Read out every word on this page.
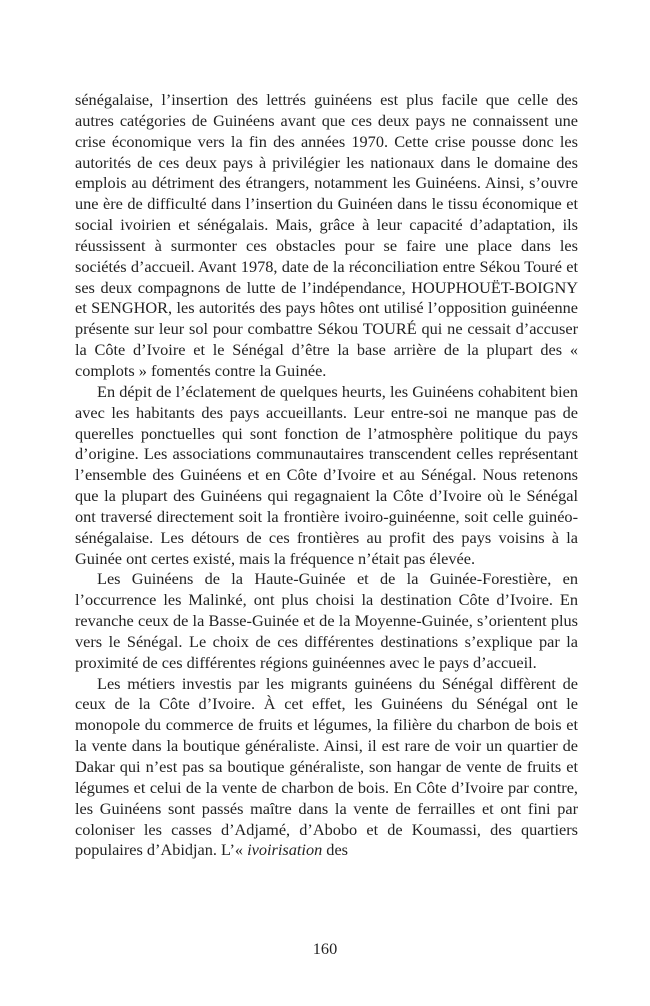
sénégalaise, l’insertion des lettrés guinéens est plus facile que celle des autres catégories de Guinéens avant que ces deux pays ne connaissent une crise économique vers la fin des années 1970. Cette crise pousse donc les autorités de ces deux pays à privilégier les nationaux dans le domaine des emplois au détriment des étrangers, notamment les Guinéens. Ainsi, s’ouvre une ère de difficulté dans l’insertion du Guinéen dans le tissu économique et social ivoirien et sénégalais. Mais, grâce à leur capacité d’adaptation, ils réussissent à surmonter ces obstacles pour se faire une place dans les sociétés d’accueil. Avant 1978, date de la réconciliation entre Sékou Touré et ses deux compagnons de lutte de l’indépendance, HOUPHOUËT-BOIGNY et SENGHOR, les autorités des pays hôtes ont utilisé l’opposition guinéenne présente sur leur sol pour combattre Sékou TOURÉ qui ne cessait d’accuser la Côte d’Ivoire et le Sénégal d’être la base arrière de la plupart des « complots » fomentés contre la Guinée.

En dépit de l’éclatement de quelques heurts, les Guinéens cohabitent bien avec les habitants des pays accueillants. Leur entre-soi ne manque pas de querelles ponctuelles qui sont fonction de l’atmosphère politique du pays d’origine. Les associations communautaires transcendent celles représentant l’ensemble des Guinéens et en Côte d’Ivoire et au Sénégal. Nous retenons que la plupart des Guinéens qui regagnaient la Côte d’Ivoire où le Sénégal ont traversé directement soit la frontière ivoiro-guinéenne, soit celle guinéo-sénégalaise. Les détours de ces frontières au profit des pays voisins à la Guinée ont certes existé, mais la fréquence n’était pas élevée.

Les Guinéens de la Haute-Guinée et de la Guinée-Forestière, en l’occurrence les Malinké, ont plus choisi la destination Côte d’Ivoire. En revanche ceux de la Basse-Guinée et de la Moyenne-Guinée, s’orientent plus vers le Sénégal. Le choix de ces différentes destinations s’explique par la proximité de ces différentes régions guinéennes avec le pays d’accueil.

Les métiers investis par les migrants guinéens du Sénégal diffèrent de ceux de la Côte d’Ivoire. À cet effet, les Guinéens du Sénégal ont le monopole du commerce de fruits et légumes, la filière du charbon de bois et la vente dans la boutique généraliste. Ainsi, il est rare de voir un quartier de Dakar qui n’est pas sa boutique généraliste, son hangar de vente de fruits et légumes et celui de la vente de charbon de bois. En Côte d’Ivoire par contre, les Guinéens sont passés maître dans la vente de ferrailles et ont fini par coloniser les casses d’Adjamé, d’Abobo et de Koumassi, des quartiers populaires d’Abidjan. L’« ivoirisation des

160
